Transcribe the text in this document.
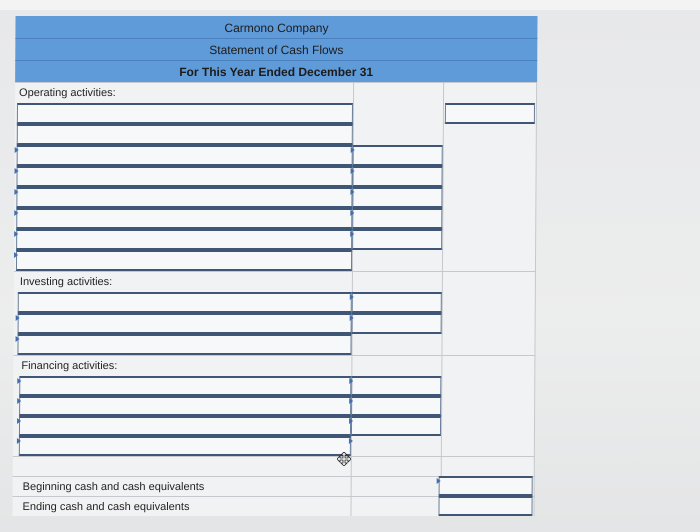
Carmono Company
Statement of Cash Flows
For This Year Ended December 31
Operating activities:
Investing activities:
Financing activities:
Beginning cash and cash equivalents
Ending cash and cash equivalents
